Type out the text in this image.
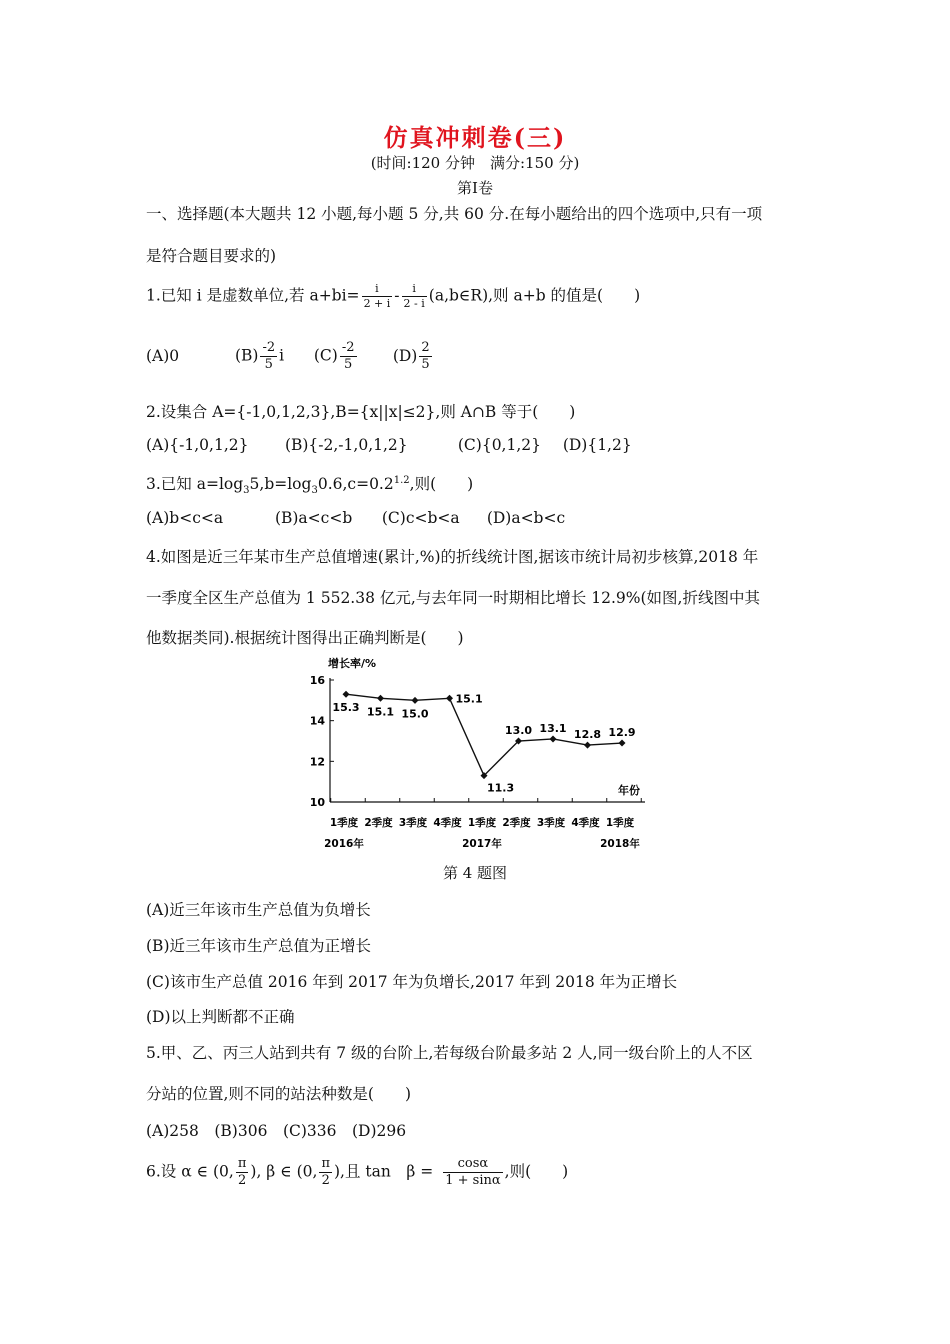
仿真冲刺卷(三)
(时间:120 分钟　满分:150 分)
第Ⅰ卷
一、选择题(本大题共 12 小题,每小题 5 分,共 60 分.在每小题给出的四个选项中,只有一项
是符合题目要求的)
1.已知 i 是虚数单位,若 $a+bi= \frac{i}{2 + i} - \frac{i}{2 - i}$ (a,b∈R),则 a+b 的值是(　　)
(A)0	$(B) \frac{-2}{5}$ i $(C) \frac{-2}{5} (D) \frac{2}{5}$
2.设集合 A={-1,0,1,2,3},B={x||x|≤2},则 A∩B 等于(　　)
(A){-1,0,1,2} (B){-2,-1,0,1,2}	(C){0,1,2} (D){1,2}
3.已知 $a=\log_35,b=\log_30.6,c=0.2^{1.2}$,则(　　)
(A)b<c<a	(B)a<c<b (C)c<b<a (D)a<b<c
4.如图是近三年某市生产总值增速(累计,%)的折线统计图,据该市统计局初步核算,2018 年
一季度全区生产总值为 1 552.38 亿元,与去年同一时期相比增长 12.9%(如图,折线图中其
他数据类同).根据统计图得出正确判断是(　　)
16
14
12
10
增长率/%
1季度 2季度 3季度 4季度 1季度 2季度 3季度 4季度 1季度
2016年	2017年	2018年
年份
15.3 15.1 15.0
15.1
11.3
13.0 13.1 12.8 12.9
第 4 题图
(A)近三年该市生产总值为负增长
(B)近三年该市生产总值为正增长
(C)该市生产总值 2016 年到 2017 年为负增长,2017 年到 2018 年为正增长
(D)以上判断都不正确
5.甲、乙、丙三人站到共有 7 级的台阶上,若每级台阶最多站 2 人,同一级台阶上的人不区
分站的位置,则不同的站法种数是(　　)
(A)258　(B)306　(C)336　(D)296
6.设 α ∈ (0, $\frac{\pi}{2}$ ), β ∈ (0, $\frac{\pi}{2}$ ),且 tan　$\beta = \frac{\cos\alpha}{1 + \sin\alpha}$ ,则(　　)
